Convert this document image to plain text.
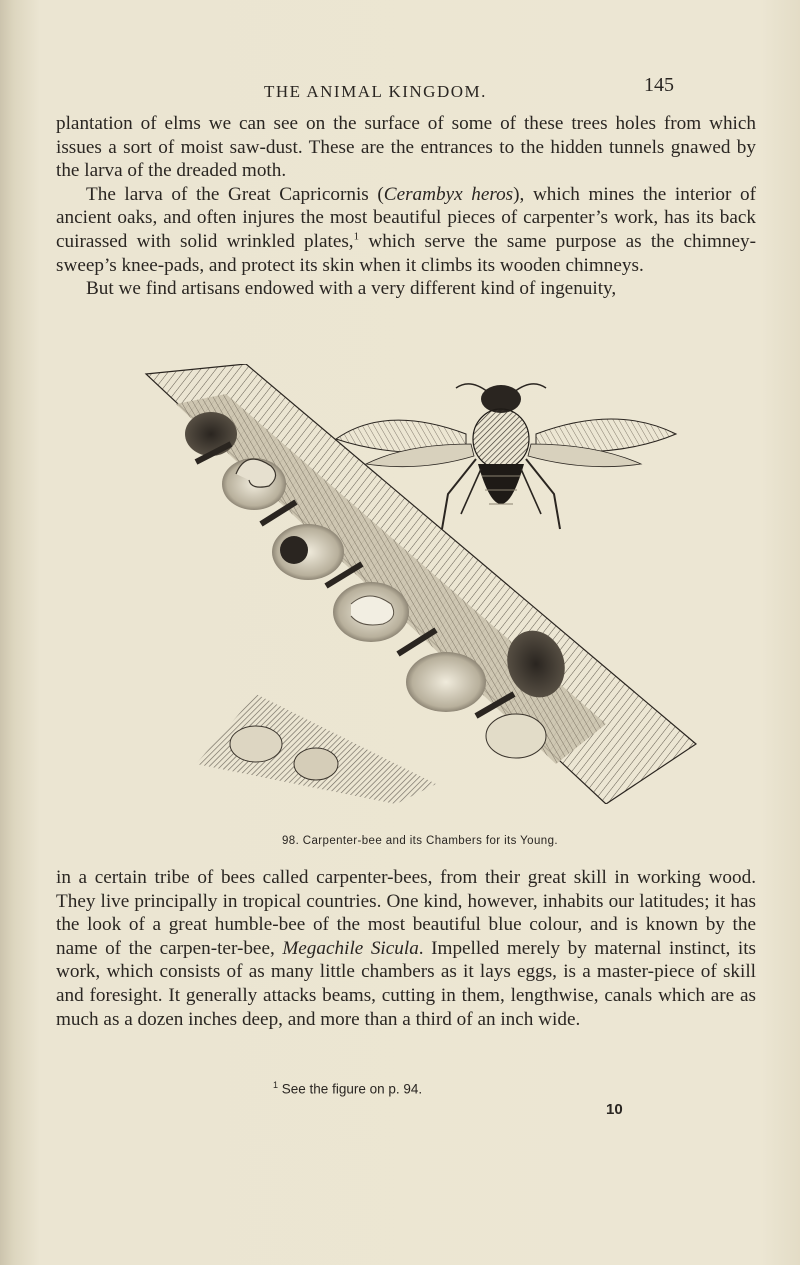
THE ANIMAL KINGDOM.	145

plantation of elms we can see on the surface of some of these trees holes from which issues a sort of moist saw-dust. These are the entrances to the hidden tunnels gnawed by the larva of the dreaded moth.

The larva of the Great Capricornis (Cerambyx heros), which mines the interior of ancient oaks, and often injures the most beautiful pieces of carpenter’s work, has its back cuirassed with solid wrinkled plates,$^1$ which serve the same purpose as the chimney-sweep’s knee-pads, and protect its skin when it climbs its wooden chimneys.

But we find artisans endowed with a very different kind of ingenuity,

98. Carpenter-bee and its Chambers for its Young.

in a certain tribe of bees called carpenter-bees, from their great skill in working wood. They live principally in tropical countries. One kind, however, inhabits our latitudes; it has the look of a great humble-bee of the most beautiful blue colour, and is known by the name of the carpen-ter-bee, Megachile Sicula. Impelled merely by maternal instinct, its work, which consists of as many little chambers as it lays eggs, is a master-piece of skill and foresight. It generally attacks beams, cutting in them, lengthwise, canals which are as much as a dozen inches deep, and more than a third of an inch wide.

$^1$ See the figure on p. 94.
10
